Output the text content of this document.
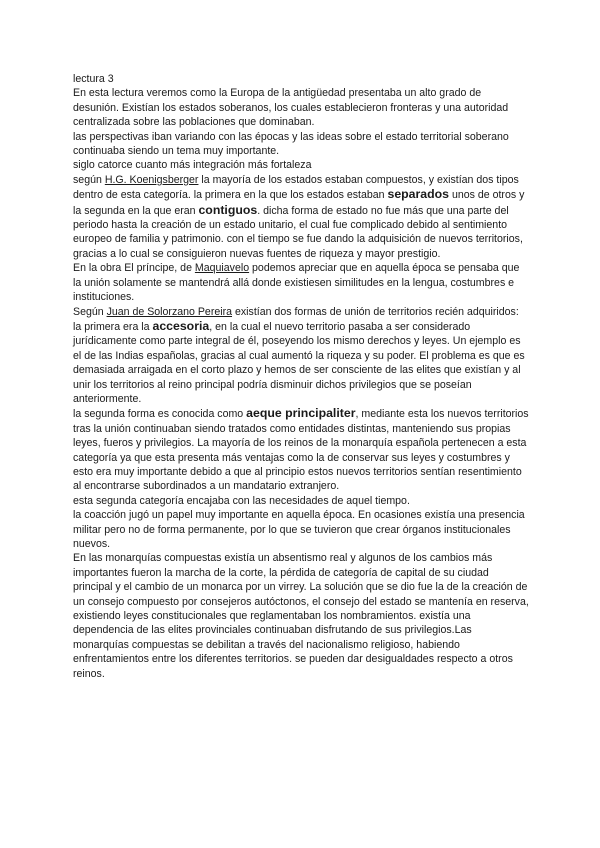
lectura 3

En esta lectura veremos como la Europa de la antigüedad presentaba un alto grado de desunión. Existían los estados soberanos, los cuales establecieron fronteras y una autoridad centralizada sobre las poblaciones que dominaban.

las perspectivas iban variando con las épocas y las ideas sobre el estado territorial soberano continuaba siendo un tema muy importante.

siglo catorce cuanto más integración más fortaleza

según H.G. Koenigsberger la mayoría de los estados estaban compuestos, y existían dos tipos dentro de esta categoría. la primera en la que los estados estaban separados unos de otros y la segunda en la que eran contiguos. dicha forma de estado no fue más que una parte del periodo hasta la creación de un estado unitario, el cual fue complicado debido al sentimiento europeo de familia y patrimonio. con el tiempo se fue dando la adquisición de nuevos territorios, gracias a lo cual se consiguieron nuevas fuentes de riqueza y mayor prestigio.

En la obra El príncipe, de Maquiavelo podemos apreciar que en aquella época se pensaba que la unión solamente se mantendrá allá donde existiesen similitudes en la lengua, costumbres e instituciones.

Según Juan de Solorzano Pereira existían dos formas de unión de territorios recién adquiridos:

la primera era la accesoria, en la cual el nuevo territorio pasaba a ser considerado jurídicamente como parte integral de él, poseyendo los mismo derechos y leyes. Un ejemplo es el de las Indias españolas, gracias al cual aumentó la riqueza y su poder. El problema es que es demasiada arraigada en el corto plazo y hemos de ser consciente de las elites que existían y al unir los territorios al reino principal podría disminuir dichos privilegios que se poseían anteriormente.

la segunda forma es conocida como aeque principaliter, mediante esta los nuevos territorios tras la unión continuaban siendo tratados como entidades distintas, manteniendo sus propias leyes, fueros y privilegios. La mayoría de los reinos de la monarquía española pertenecen a esta categoría ya que esta presenta más ventajas como la de conservar sus leyes y costumbres y esto era muy importante debido a que al principio estos nuevos territorios sentían resentimiento al encontrarse subordinados a un mandatario extranjero.

esta segunda categoría encajaba con las necesidades de aquel tiempo.

la coacción jugó un papel muy importante en aquella época. En ocasiones existía una presencia militar pero no de forma permanente, por lo que se tuvieron que crear órganos institucionales nuevos.

En las monarquías compuestas existía un absentismo real y algunos de los cambios más importantes fueron la marcha de la corte, la pérdida de categoría de capital de su ciudad principal y el cambio de un monarca por un virrey. La solución que se dio fue la de la creación de un consejo compuesto por consejeros autóctonos, el consejo del estado se mantenía en reserva, existiendo leyes constitucionales que reglamentaban los nombramientos. existía una dependencia de las elites provinciales continuaban disfrutando de sus privilegios.Las monarquías compuestas se debilitan a través del nacionalismo religioso, habiendo enfrentamientos entre los diferentes territorios. se pueden dar desigualdades respecto a otros reinos.
